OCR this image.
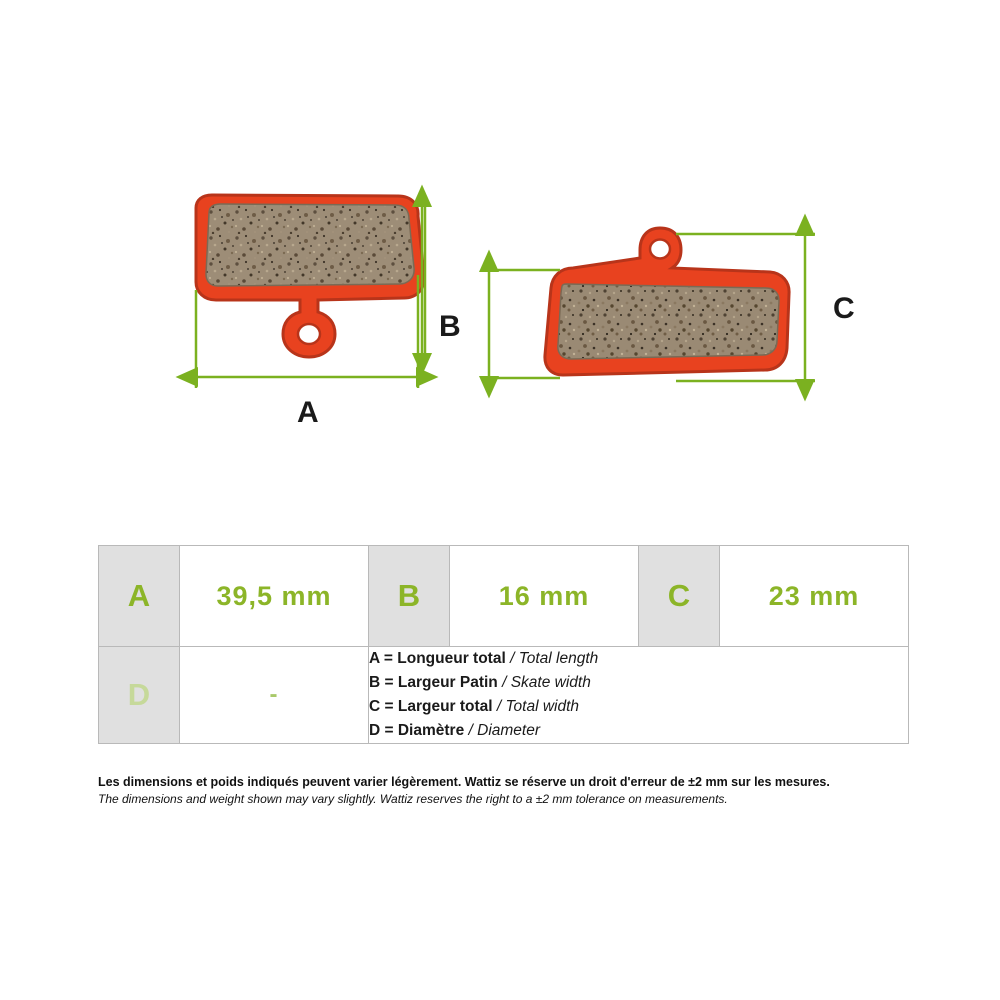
A
B
C
A	39,5 mm	B	16 mm	C	23 mm
D	-	A = Longueur total / Total length
B = Largeur Patin / Skate width
C = Largeur total / Total width
D = Diamètre / Diameter			
Les dimensions et poids indiqués peuvent varier légèrement. Wattiz se réserve un droit d'erreur de ±2 mm sur les mesures.
The dimensions and weight shown may vary slightly. Wattiz reserves the right to a ±2 mm tolerance on measurements.
